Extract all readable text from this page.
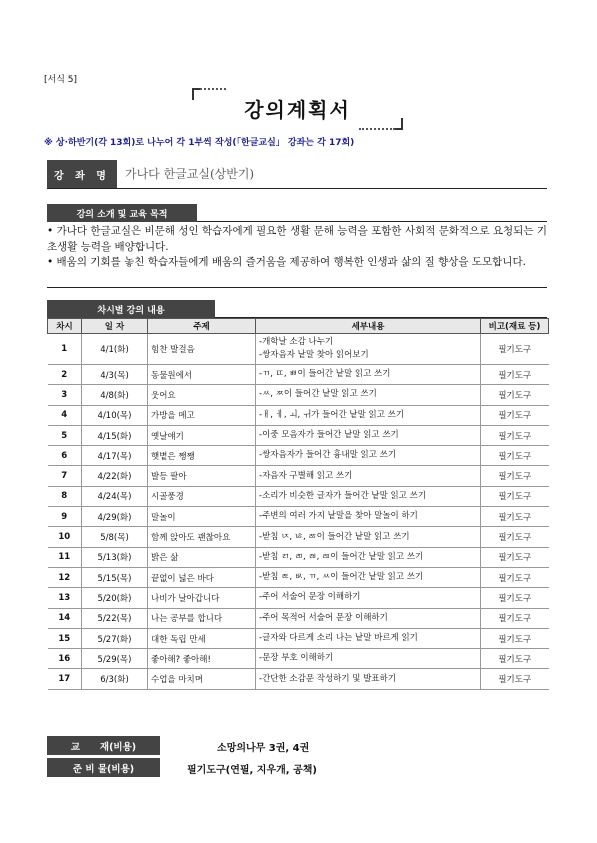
[서식 5]
강의계획서
※ 상·하반기(각 13회)로 나누어 각 1부씩 작성(「한글교실」 강좌는 각 17회)
강 좌 명	가나다 한글교실(상반기)
강의 소개 및 교육 목적

• 가나다 한글교실은 비문해 성인 학습자에게 필요한 생활 문해 능력을 포함한 사회적 문화적으로 요청되는 기초생활 능력을 배양합니다.

• 배움의 기회를 놓친 학습자들에게 배움의 즐거움을 제공하여 행복한 인생과 삶의 질 향상을 도모합니다.

차시별 강의 내용
차시	일 자	주제	세부내용	비고(재료 등)
1	4/1(화)	힘찬 발걸음	-개학날 소감 나누기
-쌍자음자 낱말 찾아 읽어보기	필기도구
2	4/3(목)	동물원에서	-ㄲ, ㄸ, ㅃ이 들어간 낱말 읽고 쓰기	필기도구
3	4/8(화)	웃어요	-ㅆ, ㅉ이 들어간 낱말 읽고 쓰기	필기도구
4	4/10(목)	가방을 메고	-ㅐ, ㅔ, ㅚ, ㅟ가 들어간 낱말 읽고 쓰기	필기도구
5	4/15(화)	옛날얘기	-이중 모음자가 들어간 낱말 읽고 쓰기	필기도구
6	4/17(목)	햇볕은 쨍쨍	-쌍자음자가 들어간 흉내말 읽고 쓰기	필기도구
7	4/22(화)	발등 팔아	-자음자 구별해 읽고 쓰기	필기도구
8	4/24(목)	시골풍경	-소리가 비슷한 글자가 들어간 낱말 읽고 쓰기	필기도구
9	4/29(화)	말놀이	-주변의 여러 가지 낱말을 찾아 말놀이 하기	필기도구
10	5/8(목)	함께 앉아도 괜찮아요	-받침 ㄵ, ㄶ, ㅀ이 들어간 낱말 읽고 쓰기	필기도구
11	5/13(화)	밝은 삶	-받침 ㄺ, ㄻ, ㄼ, ㄿ이 들어간 낱말 읽고 쓰기	필기도구
12	5/15(목)	끝없이 넓은 바다	-받침 ㄾ, ㅄ, ㄲ, ㅆ이 들어간 낱말 읽고 쓰기	필기도구
13	5/20(화)	나비가 날아갑니다	-주어 서술어 문장 이해하기	필기도구
14	5/22(목)	나는 공부를 합니다	-주어 목적어 서술어 문장 이해하기	필기도구
15	5/27(화)	대한 독립 만세	-글자와 다르게 소리 나는 낱말 바르게 읽기	필기도구
16	5/29(목)	좋아해? 좋아해!	-문장 부호 이해하기	필기도구
17	6/3(화)	수업을 마치며	-간단한 소감문 작성하기 및 발표하기	필기도구
교      재(비용)	소망의나무 3권, 4권
준 비 물(비용)	필기도구(연필, 지우개, 공책)
